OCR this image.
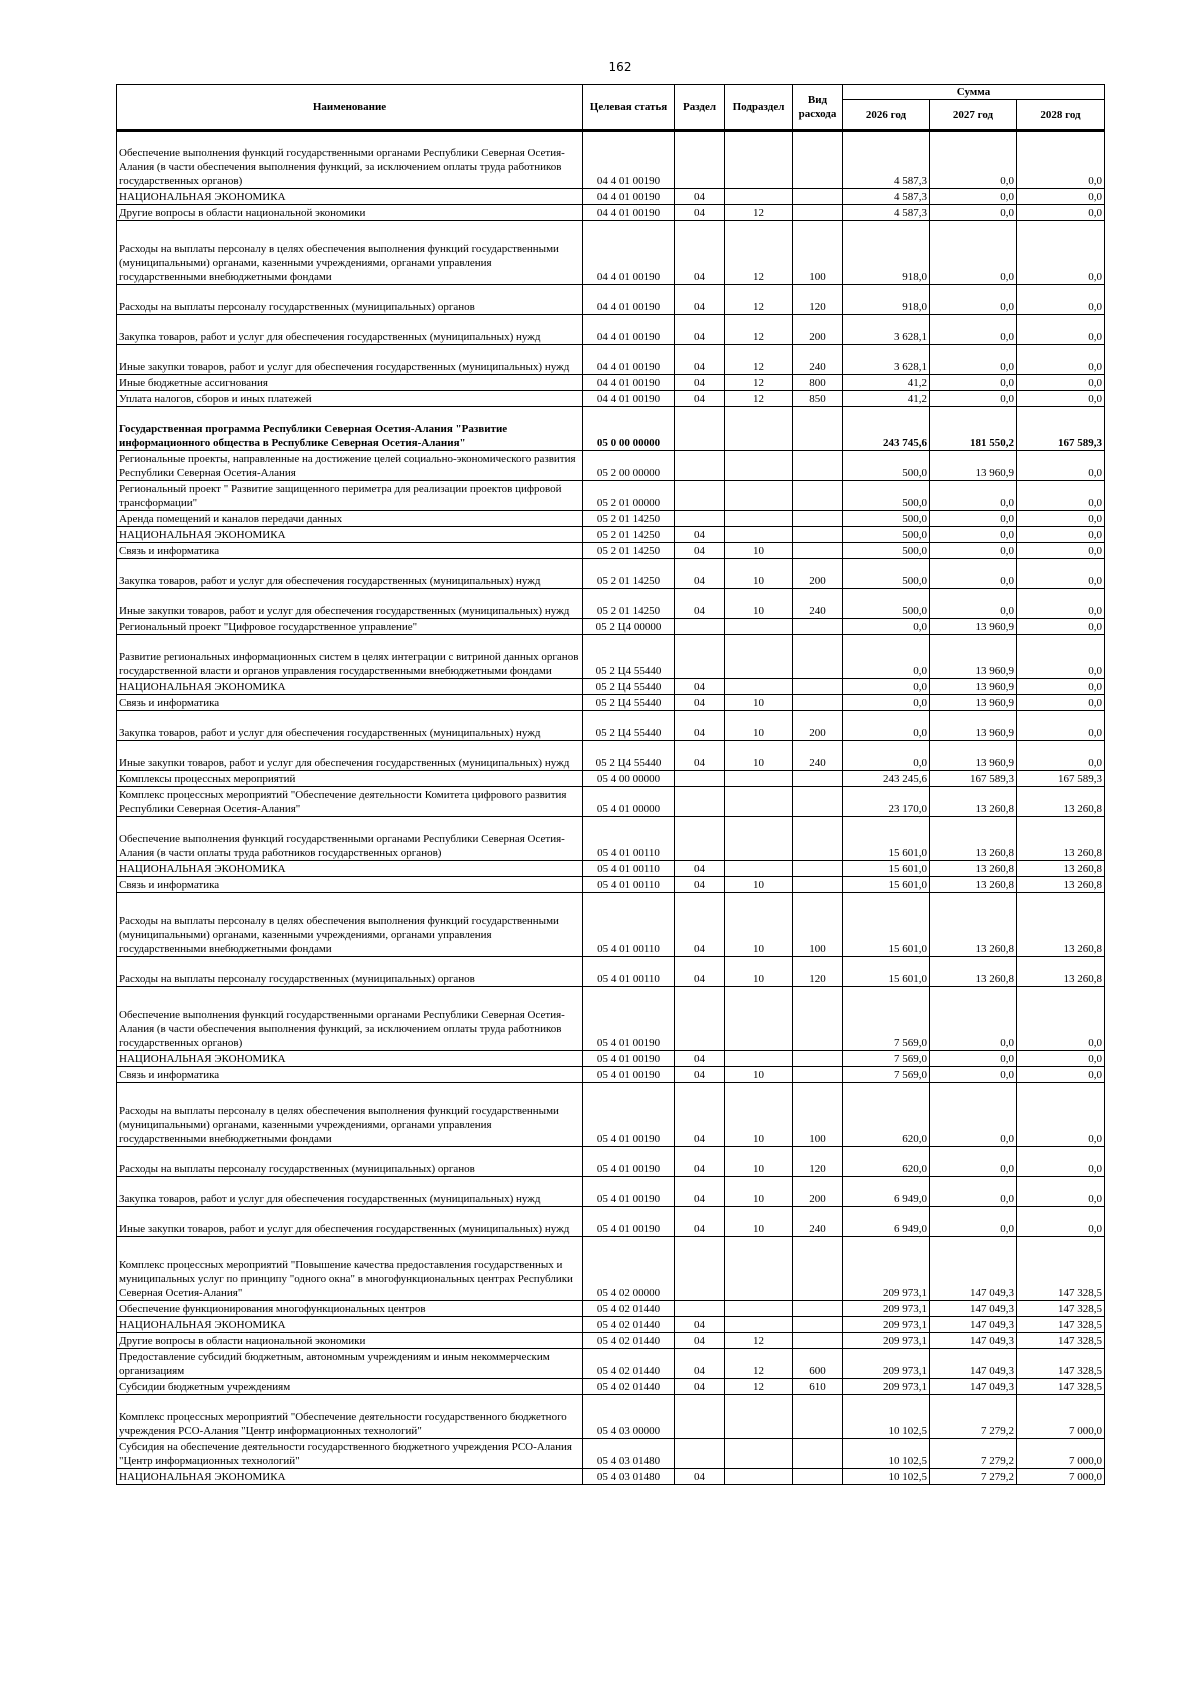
162
Наименование	Целевая статья	Раздел	Подраздел	Вид расхода	Сумма		
					2026 год	2027 год	2028 год
Обеспечение выполнения функций государственными органами Республики Северная Осетия-Алания (в части обеспечения выполнения функций, за исключением оплаты труда работников государственных органов)	04 4 01 00190				4 587,3	0,0	0,0
НАЦИОНАЛЬНАЯ ЭКОНОМИКА	04 4 01 00190	04			4 587,3	0,0	0,0
Другие вопросы в области национальной экономики	04 4 01 00190	04	12		4 587,3	0,0	0,0
Расходы на выплаты персоналу в целях обеспечения выполнения функций государственными (муниципальными) органами, казенными учреждениями, органами управления государственными внебюджетными фондами	04 4 01 00190	04	12	100	918,0	0,0	0,0
Расходы на выплаты персоналу государственных (муниципальных) органов	04 4 01 00190	04	12	120	918,0	0,0	0,0
Закупка товаров, работ и услуг для обеспечения государственных (муниципальных) нужд	04 4 01 00190	04	12	200	3 628,1	0,0	0,0
Иные закупки товаров, работ и услуг для обеспечения государственных (муниципальных) нужд	04 4 01 00190	04	12	240	3 628,1	0,0	0,0
Иные бюджетные ассигнования	04 4 01 00190	04	12	800	41,2	0,0	0,0
Уплата налогов, сборов и иных платежей	04 4 01 00190	04	12	850	41,2	0,0	0,0
Государственная программа Республики Северная Осетия-Алания "Развитие информационного общества в Республике Северная Осетия-Алания"	05 0 00 00000				243 745,6	181 550,2	167 589,3
Региональные проекты, направленные на достижение целей социально-экономического развития Республики Северная Осетия-Алания	05 2 00 00000				500,0	13 960,9	0,0
Региональный проект " Развитие защищенного периметра для реализации проектов цифровой трансформации"	05 2 01 00000				500,0	0,0	0,0
Аренда помещений и каналов передачи данных	05 2 01 14250				500,0	0,0	0,0
НАЦИОНАЛЬНАЯ ЭКОНОМИКА	05 2 01 14250	04			500,0	0,0	0,0
Связь и информатика	05 2 01 14250	04	10		500,0	0,0	0,0
Закупка товаров, работ и услуг для обеспечения государственных (муниципальных) нужд	05 2 01 14250	04	10	200	500,0	0,0	0,0
Иные закупки товаров, работ и услуг для обеспечения государственных (муниципальных) нужд	05 2 01 14250	04	10	240	500,0	0,0	0,0
Региональный проект "Цифровое государственное управление"	05 2 Ц4 00000				0,0	13 960,9	0,0
Развитие региональных информационных систем в целях интеграции с витриной данных органов государственной власти и органов управления государственными внебюджетными фондами	05 2 Ц4 55440				0,0	13 960,9	0,0
НАЦИОНАЛЬНАЯ ЭКОНОМИКА	05 2 Ц4 55440	04			0,0	13 960,9	0,0
Связь и информатика	05 2 Ц4 55440	04	10		0,0	13 960,9	0,0
Закупка товаров, работ и услуг для обеспечения государственных (муниципальных) нужд	05 2 Ц4 55440	04	10	200	0,0	13 960,9	0,0
Иные закупки товаров, работ и услуг для обеспечения государственных (муниципальных) нужд	05 2 Ц4 55440	04	10	240	0,0	13 960,9	0,0
Комплексы процессных мероприятий	05 4 00 00000				243 245,6	167 589,3	167 589,3
Комплекс процессных мероприятий "Обеспечение деятельности Комитета цифрового развития Республики Северная Осетия-Алания"	05 4 01 00000				23 170,0	13 260,8	13 260,8
Обеспечение выполнения функций государственными органами Республики Северная Осетия-Алания (в части оплаты труда работников государственных органов)	05 4 01 00110				15 601,0	13 260,8	13 260,8
НАЦИОНАЛЬНАЯ ЭКОНОМИКА	05 4 01 00110	04			15 601,0	13 260,8	13 260,8
Связь и информатика	05 4 01 00110	04	10		15 601,0	13 260,8	13 260,8
Расходы на выплаты персоналу в целях обеспечения выполнения функций государственными (муниципальными) органами, казенными учреждениями, органами управления государственными внебюджетными фондами	05 4 01 00110	04	10	100	15 601,0	13 260,8	13 260,8
Расходы на выплаты персоналу государственных (муниципальных) органов	05 4 01 00110	04	10	120	15 601,0	13 260,8	13 260,8
Обеспечение выполнения функций государственными органами Республики Северная Осетия-Алания (в части обеспечения выполнения функций, за исключением оплаты труда работников государственных органов)	05 4 01 00190				7 569,0	0,0	0,0
НАЦИОНАЛЬНАЯ ЭКОНОМИКА	05 4 01 00190	04			7 569,0	0,0	0,0
Связь и информатика	05 4 01 00190	04	10		7 569,0	0,0	0,0
Расходы на выплаты персоналу в целях обеспечения выполнения функций государственными (муниципальными) органами, казенными учреждениями, органами управления государственными внебюджетными фондами	05 4 01 00190	04	10	100	620,0	0,0	0,0
Расходы на выплаты персоналу государственных (муниципальных) органов	05 4 01 00190	04	10	120	620,0	0,0	0,0
Закупка товаров, работ и услуг для обеспечения государственных (муниципальных) нужд	05 4 01 00190	04	10	200	6 949,0	0,0	0,0
Иные закупки товаров, работ и услуг для обеспечения государственных (муниципальных) нужд	05 4 01 00190	04	10	240	6 949,0	0,0	0,0
Комплекс процессных мероприятий "Повышение качества предоставления государственных и муниципальных услуг по принципу "одного окна" в многофункциональных центрах Республики Северная Осетия-Алания"	05 4 02 00000				209 973,1	147 049,3	147 328,5
Обеспечение функционирования многофункциональных центров	05 4 02 01440				209 973,1	147 049,3	147 328,5
НАЦИОНАЛЬНАЯ ЭКОНОМИКА	05 4 02 01440	04			209 973,1	147 049,3	147 328,5
Другие вопросы в области национальной экономики	05 4 02 01440	04	12		209 973,1	147 049,3	147 328,5
Предоставление субсидий бюджетным, автономным учреждениям и иным некоммерческим организациям	05 4 02 01440	04	12	600	209 973,1	147 049,3	147 328,5
Субсидии бюджетным учреждениям	05 4 02 01440	04	12	610	209 973,1	147 049,3	147 328,5
Комплекс процессных мероприятий "Обеспечение деятельности государственного бюджетного учреждения РСО-Алания "Центр информационных технологий"	05 4 03 00000				10 102,5	7 279,2	7 000,0
Субсидия на обеспечение деятельности государственного бюджетного учреждения РСО-Алания "Центр информационных технологий"	05 4 03 01480				10 102,5	7 279,2	7 000,0
НАЦИОНАЛЬНАЯ ЭКОНОМИКА	05 4 03 01480	04			10 102,5	7 279,2	7 000,0
